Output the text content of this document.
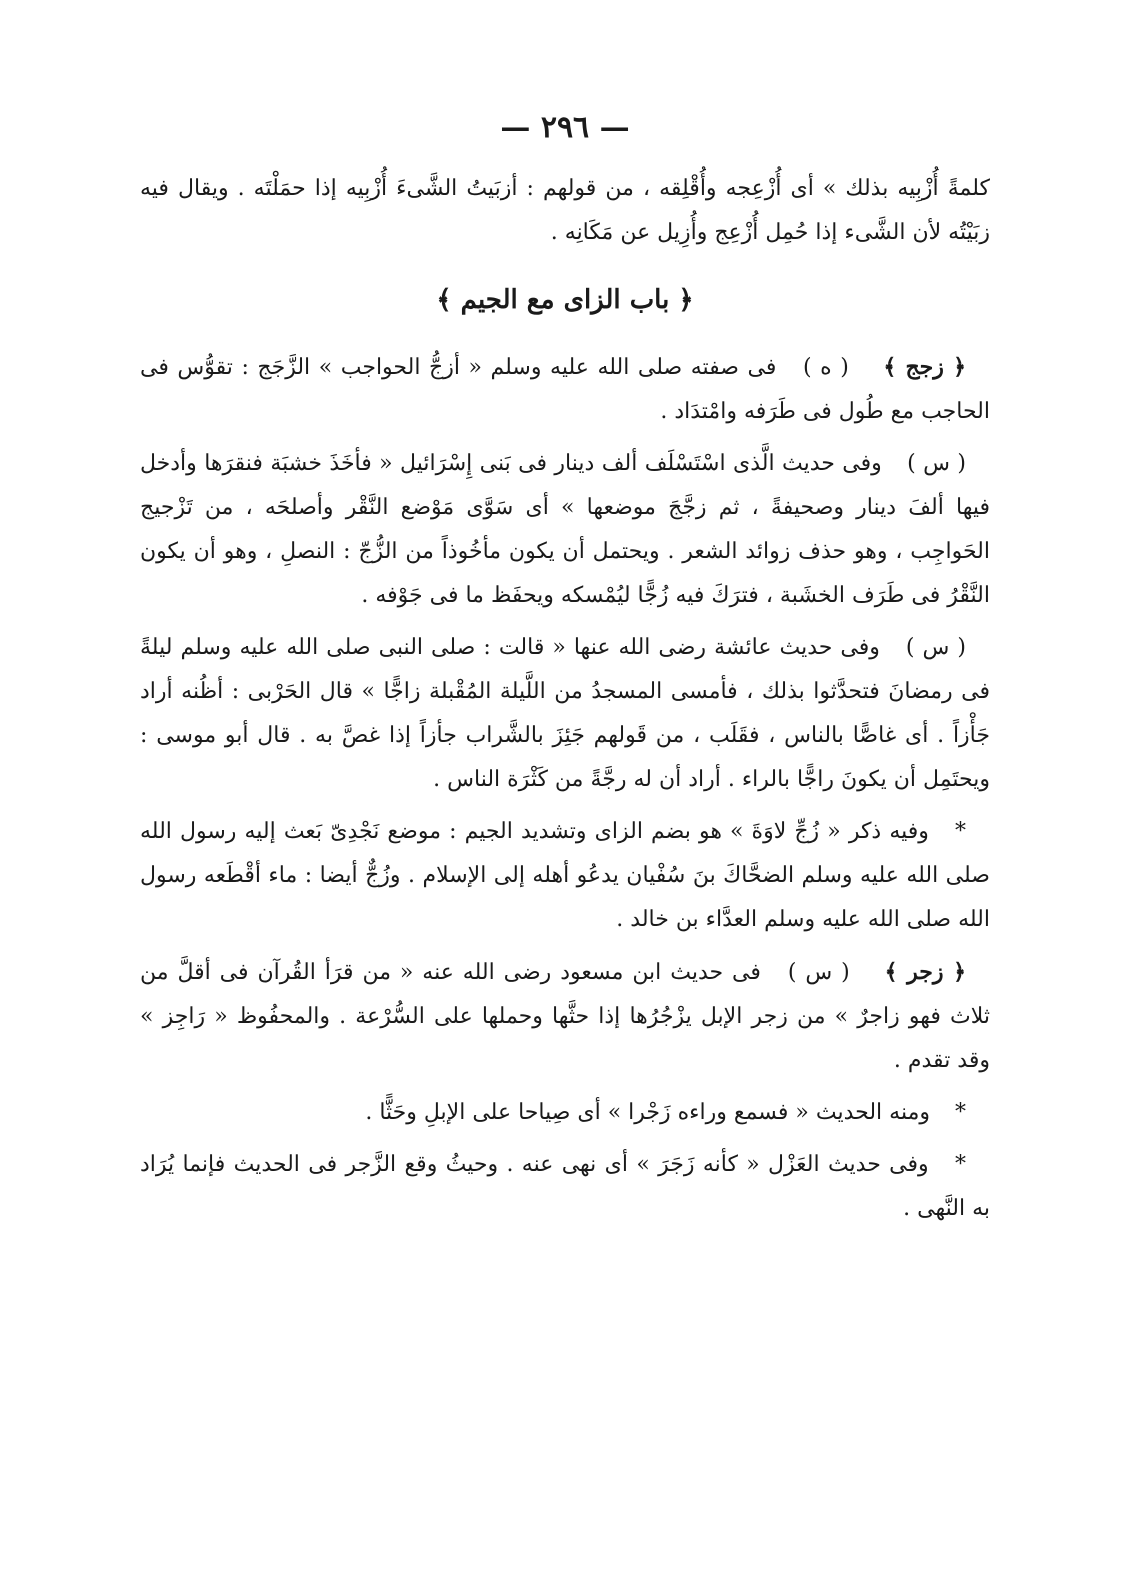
— ٢٩٦ —

كلمةً أُزْبِيه بذلك » أى أُزْعِجه وأُقْلِقه ، من قولهم : أزبَيتُ الشَّىءَ أُزْبِيه إذا حمَلْتَه . ويقال فيه زبَيْتُه لأن الشَّىء إذا حُمِل أُزْعِج وأُزِيل عن مَكَانِه .

﴿ باب الزاى مع الجيم ﴾

﴿ زجج ﴾ ( ه ) فى صفته صلى الله عليه وسلم « أزجُّ الحواجب » الزَّجَج : تقوُّس فى الحاجب مع طُول فى طَرَفه وامْتدَاد .

( س ) وفى حديث الَّذى اسْتَسْلَف ألف دينار فى بَنى إِسْرَائيل « فأخَذَ خشبَة فنقرَها وأدخل فيها ألفَ دينار وصحيفةً ، ثم زجَّجَ موضعها » أى سَوَّى مَوْضع النَّقْر وأصلحَه ، من تَزْجيج الحَواجِب ، وهو حذف زوائد الشعر . ويحتمل أن يكون مأخُوذاً من الزُّجّ : النصلِ ، وهو أن يكون النَّقْرُ فى طَرَف الخشَبة ، فترَكَ فيه زُجًّا ليُمْسكه ويحفَظ ما فى جَوْفه .

( س ) وفى حديث عائشة رضى الله عنها « قالت : صلى النبى صلى الله عليه وسلم ليلةً فى رمضانَ فتحدَّثوا بذلك ، فأمسى المسجدُ من اللَّيلة المُقْبلة زاجًّا » قال الحَرْبى : أظُنه أراد جَأْزاً . أى غاصًّا بالناس ، فقَلَب ، من قَولهم جَئِزَ بالشَّراب جأزاً إذا غصَّ به . قال أبو موسى : ويحتَمِل أن يكونَ راجًّا بالراء . أراد أن له رجَّةً من كَثْرَة الناس .

* وفيه ذكر « زُجِّ لاوَةَ » هو بضم الزاى وتشديد الجيم : موضع نَجْدِىّ بَعث إليه رسول الله صلى الله عليه وسلم الضحَّاكَ بنَ سُفْيان يدعُو أهله إلى الإسلام . وزُجٌّ أيضا : ماء أقْطَعه رسول الله صلى الله عليه وسلم العدَّاء بن خالد .

﴿ زجر ﴾ ( س ) فى حديث ابن مسعود رضى الله عنه « من قرَأ القُرآن فى أقلَّ من ثلاث فهو زاجرٌ » من زجر الإبل يزْجُرُها إذا حثَّها وحملها على السُّرْعة . والمحفُوظ « رَاجِز » وقد تقدم .

* ومنه الحديث « فسمع وراءه زَجْرا » أى صِياحا على الإبلِ وحَثًّا .

* وفى حديث العَزْل « كأنه زَجَرَ » أى نهى عنه . وحيثُ وقع الزَّجر فى الحديث فإنما يُرَاد به النَّهى .
